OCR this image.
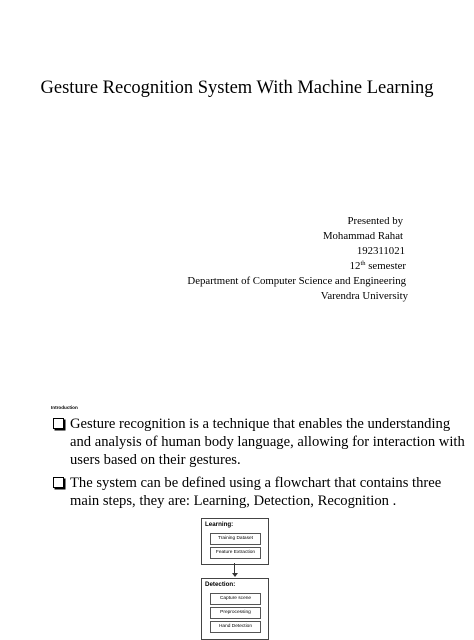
Gesture Recognition System With Machine Learning
Presented by
Mohammad Rahat
192311021
12th semester
Department of Computer Science and Engineering
Varendra University
Introduction
Gesture recognition is a technique that enables the understanding and analysis of human body language, allowing for interaction with users based on their gestures.
The system can be defined using a flowchart that contains three main steps, they are: Learning, Detection, Recognition .
Learning:
Training Dataset
Feature Extraction
Detection:
Capture scene
Preprocessing
Hand Detection
